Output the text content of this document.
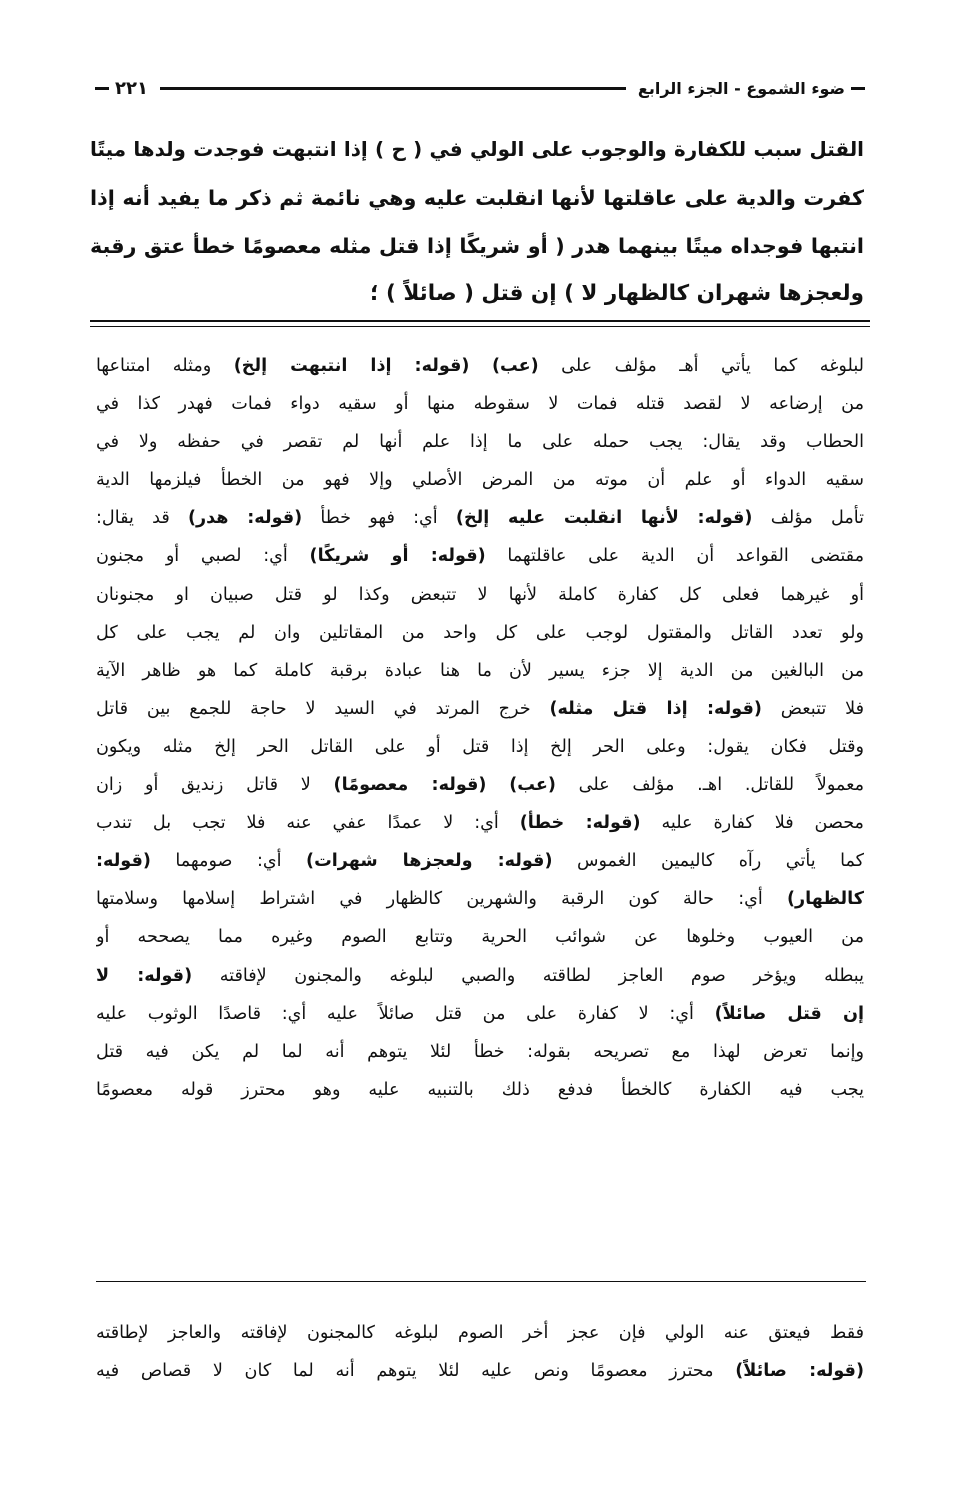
ضوء الشموع - الجزء الرابع
٢٢١
القتل سبب للكفارة والوجوب على الولي في ( ح ) إذا انتبهت فوجدت ولدها ميتًا
كفرت والدية على عاقلتها لأنها انقلبت عليه وهي نائمة ثم ذكر ما يفيد أنه إذا
انتبها فوجداه ميتًا بينهما هدر ( أو شريكًا إذا قتل مثله معصومًا خطأ عتق رقبة
ولعجزها شهران كالظهار لا ) إن قتل ( صائلاً ) ؛
لبلوغه كما يأتي أهـ مؤلف على (عب) (قوله: إذا انتبهت إلخ) ومثله امتناعها
من إرضاعه لا لقصد قتله فمات لا سقوطه منها أو سقيه دواء فمات فهدر كذا في
الحطاب وقد يقال: يجب حمله على ما إذا علم أنها لم تقصر في حفظه ولا في
سقيه الدواء أو علم أن موته من المرض الأصلي وإلا فهو من الخطأ فيلزمها الدية
تأمل مؤلف (قوله: لأنها انقلبت عليه إلخ) أي: فهو خطأ (قوله: هدر) قد يقال:
مقتضى القواعد أن الدية على عاقلتهما (قوله: أو شريكًا) أي: لصبي أو مجنون
أو غيرهما فعلى كل كفارة كاملة لأنها لا تتبعض وكذا لو قتل صبيان او مجنونان
ولو تعدد القاتل والمقتول لوجب على كل واحد من المقاتلين وان لم يجب على كل
من البالغين من الدية إلا جزء يسير لأن ما هنا عبادة برقبة كاملة كما هو ظاهر الآية
فلا تتبعض (قوله: إذا قتل مثله) خرج المرتد في السيد لا حاجة للجمع بين قاتل
وقتل فكان يقول: وعلى الحر إلخ إذا قتل أو على القاتل الحر إلخ مثله ويكون
معمولاً للقاتل. اهـ. مؤلف على (عب) (قوله: معصومًا) لا قاتل زنديق أو زان
محصن فلا كفارة عليه (قوله: خطأ) أي: لا عمدًا عفي عنه فلا تجب بل تندب
كما يأتي رآه كاليمين الغموس (قوله: ولعجزها شهرات) أي: صومهما (قوله:
كالظهار) أي: حالة كون الرقبة والشهرين كالظهار في اشتراط إسلامها وسلامتها
من العيوب وخلوها عن شوائب الحرية وتتابع الصوم وغيره مما يصححه أو
يبطله ويؤخر صوم العاجز لطاقته والصبي لبلوغه والمجنون لإفاقته (قوله: لا
إن قتل صائلاً) أي: لا كفارة على من قتل صائلاً عليه أي: قاصدًا الوثوب عليه
وإنما تعرض لهذا مع تصريحه بقوله: خطأ لئلا يتوهم أنه لما لم يكن فيه قتل
يجب فيه الكفارة كالخطأ فدفع ذلك بالتنبيه عليه وهو محترز قوله معصومًا
فقط فيعتق عنه الولي فإن عجز أخر الصوم لبلوغه كالمجنون لإفاقته والعاجز لإطاقته
(قوله: صائلاً) محترز معصومًا ونص عليه لئلا يتوهم أنه لما كان لا قصاص فيه
